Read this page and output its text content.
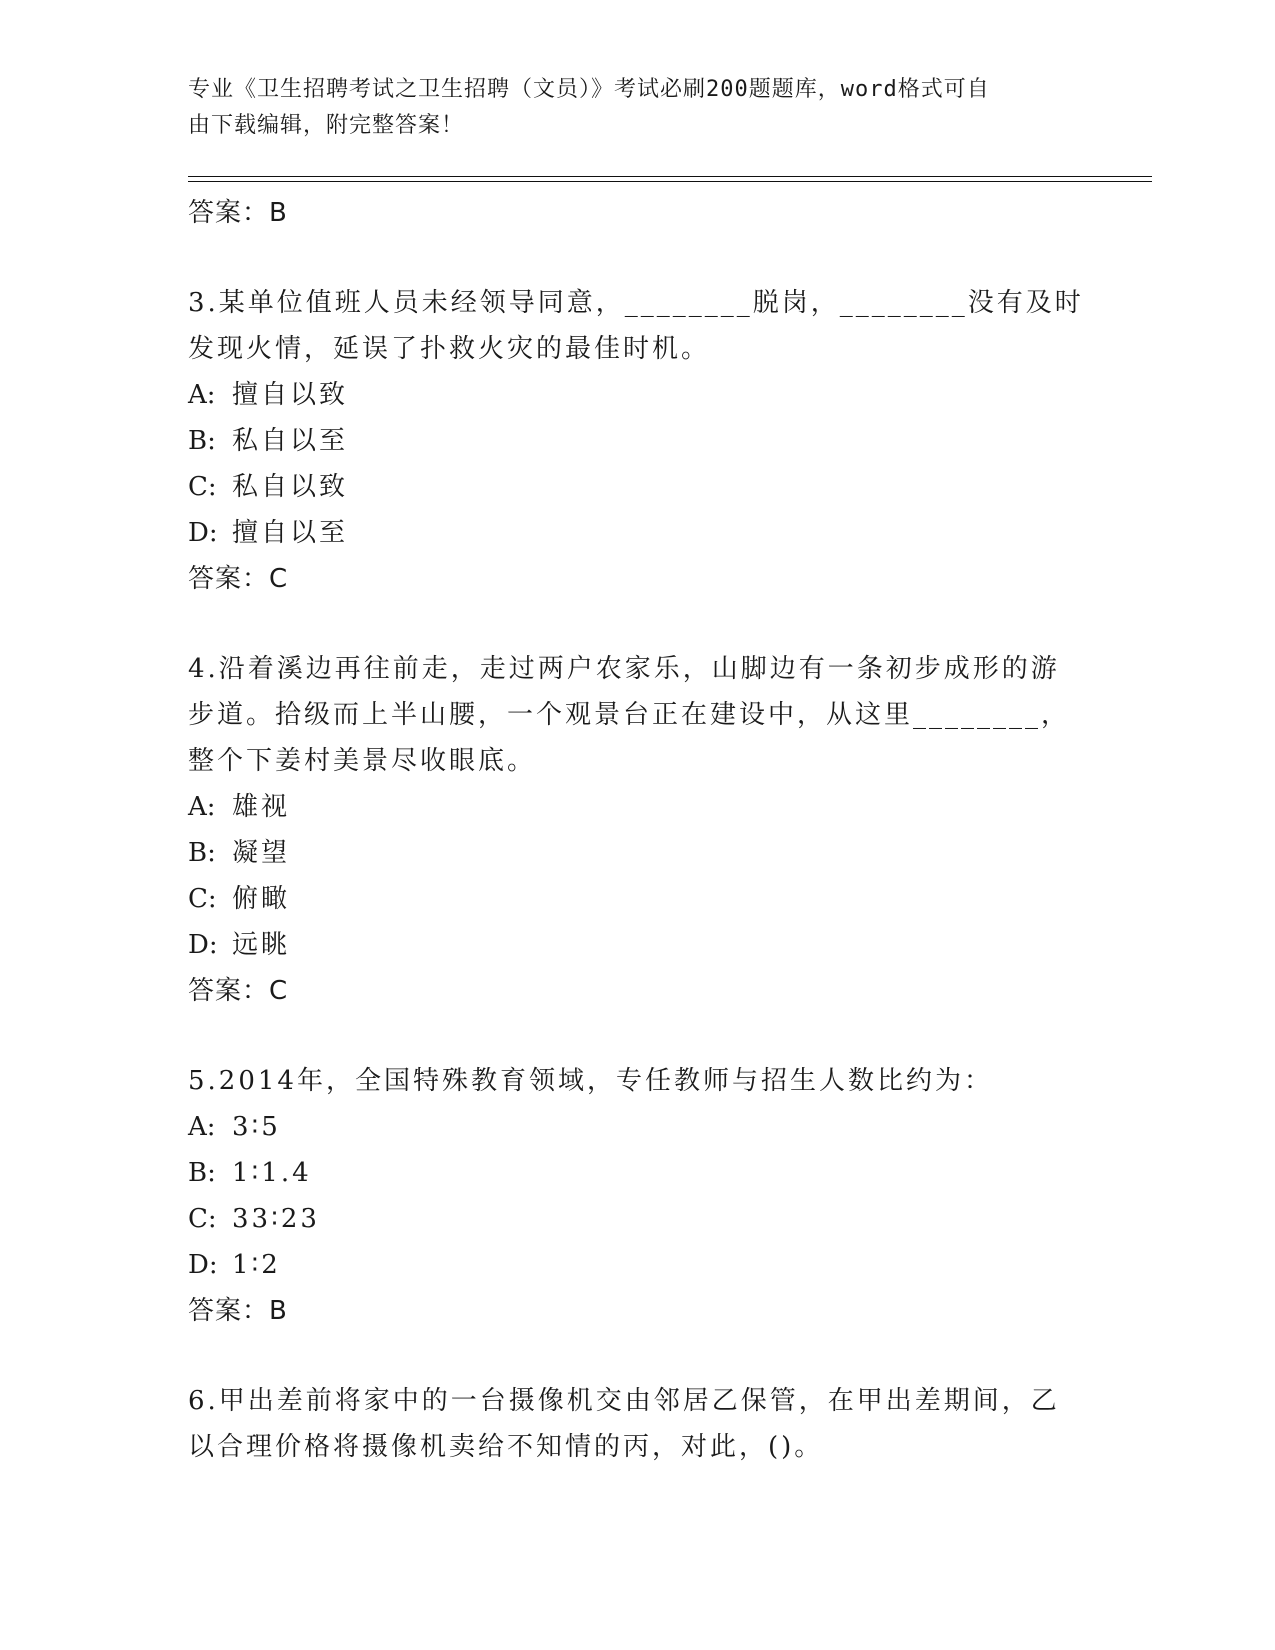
专业《卫生招聘考试之卫生招聘（文员）》考试必刷200题题库，word格式可自
由下载编辑，附完整答案！
答案：B
3.某单位值班人员未经领导同意，________脱岗，________没有及时发现火情，延误了扑救火灾的最佳时机。
A: 擅自以致
B: 私自以至
C: 私自以致
D: 擅自以至
答案：C
4.沿着溪边再往前走，走过两户农家乐，山脚边有一条初步成形的游步道。拾级而上半山腰，一个观景台正在建设中，从这里________，整个下姜村美景尽收眼底。
A: 雄视
B: 凝望
C: 俯瞰
D: 远眺
答案：C
5.2014年，全国特殊教育领域，专任教师与招生人数比约为：
A: 3∶5
B: 1∶1.4
C: 33∶23
D: 1∶2
答案：B
6.甲出差前将家中的一台摄像机交由邻居乙保管，在甲出差期间，乙以合理价格将摄像机卖给不知情的丙，对此，()。
